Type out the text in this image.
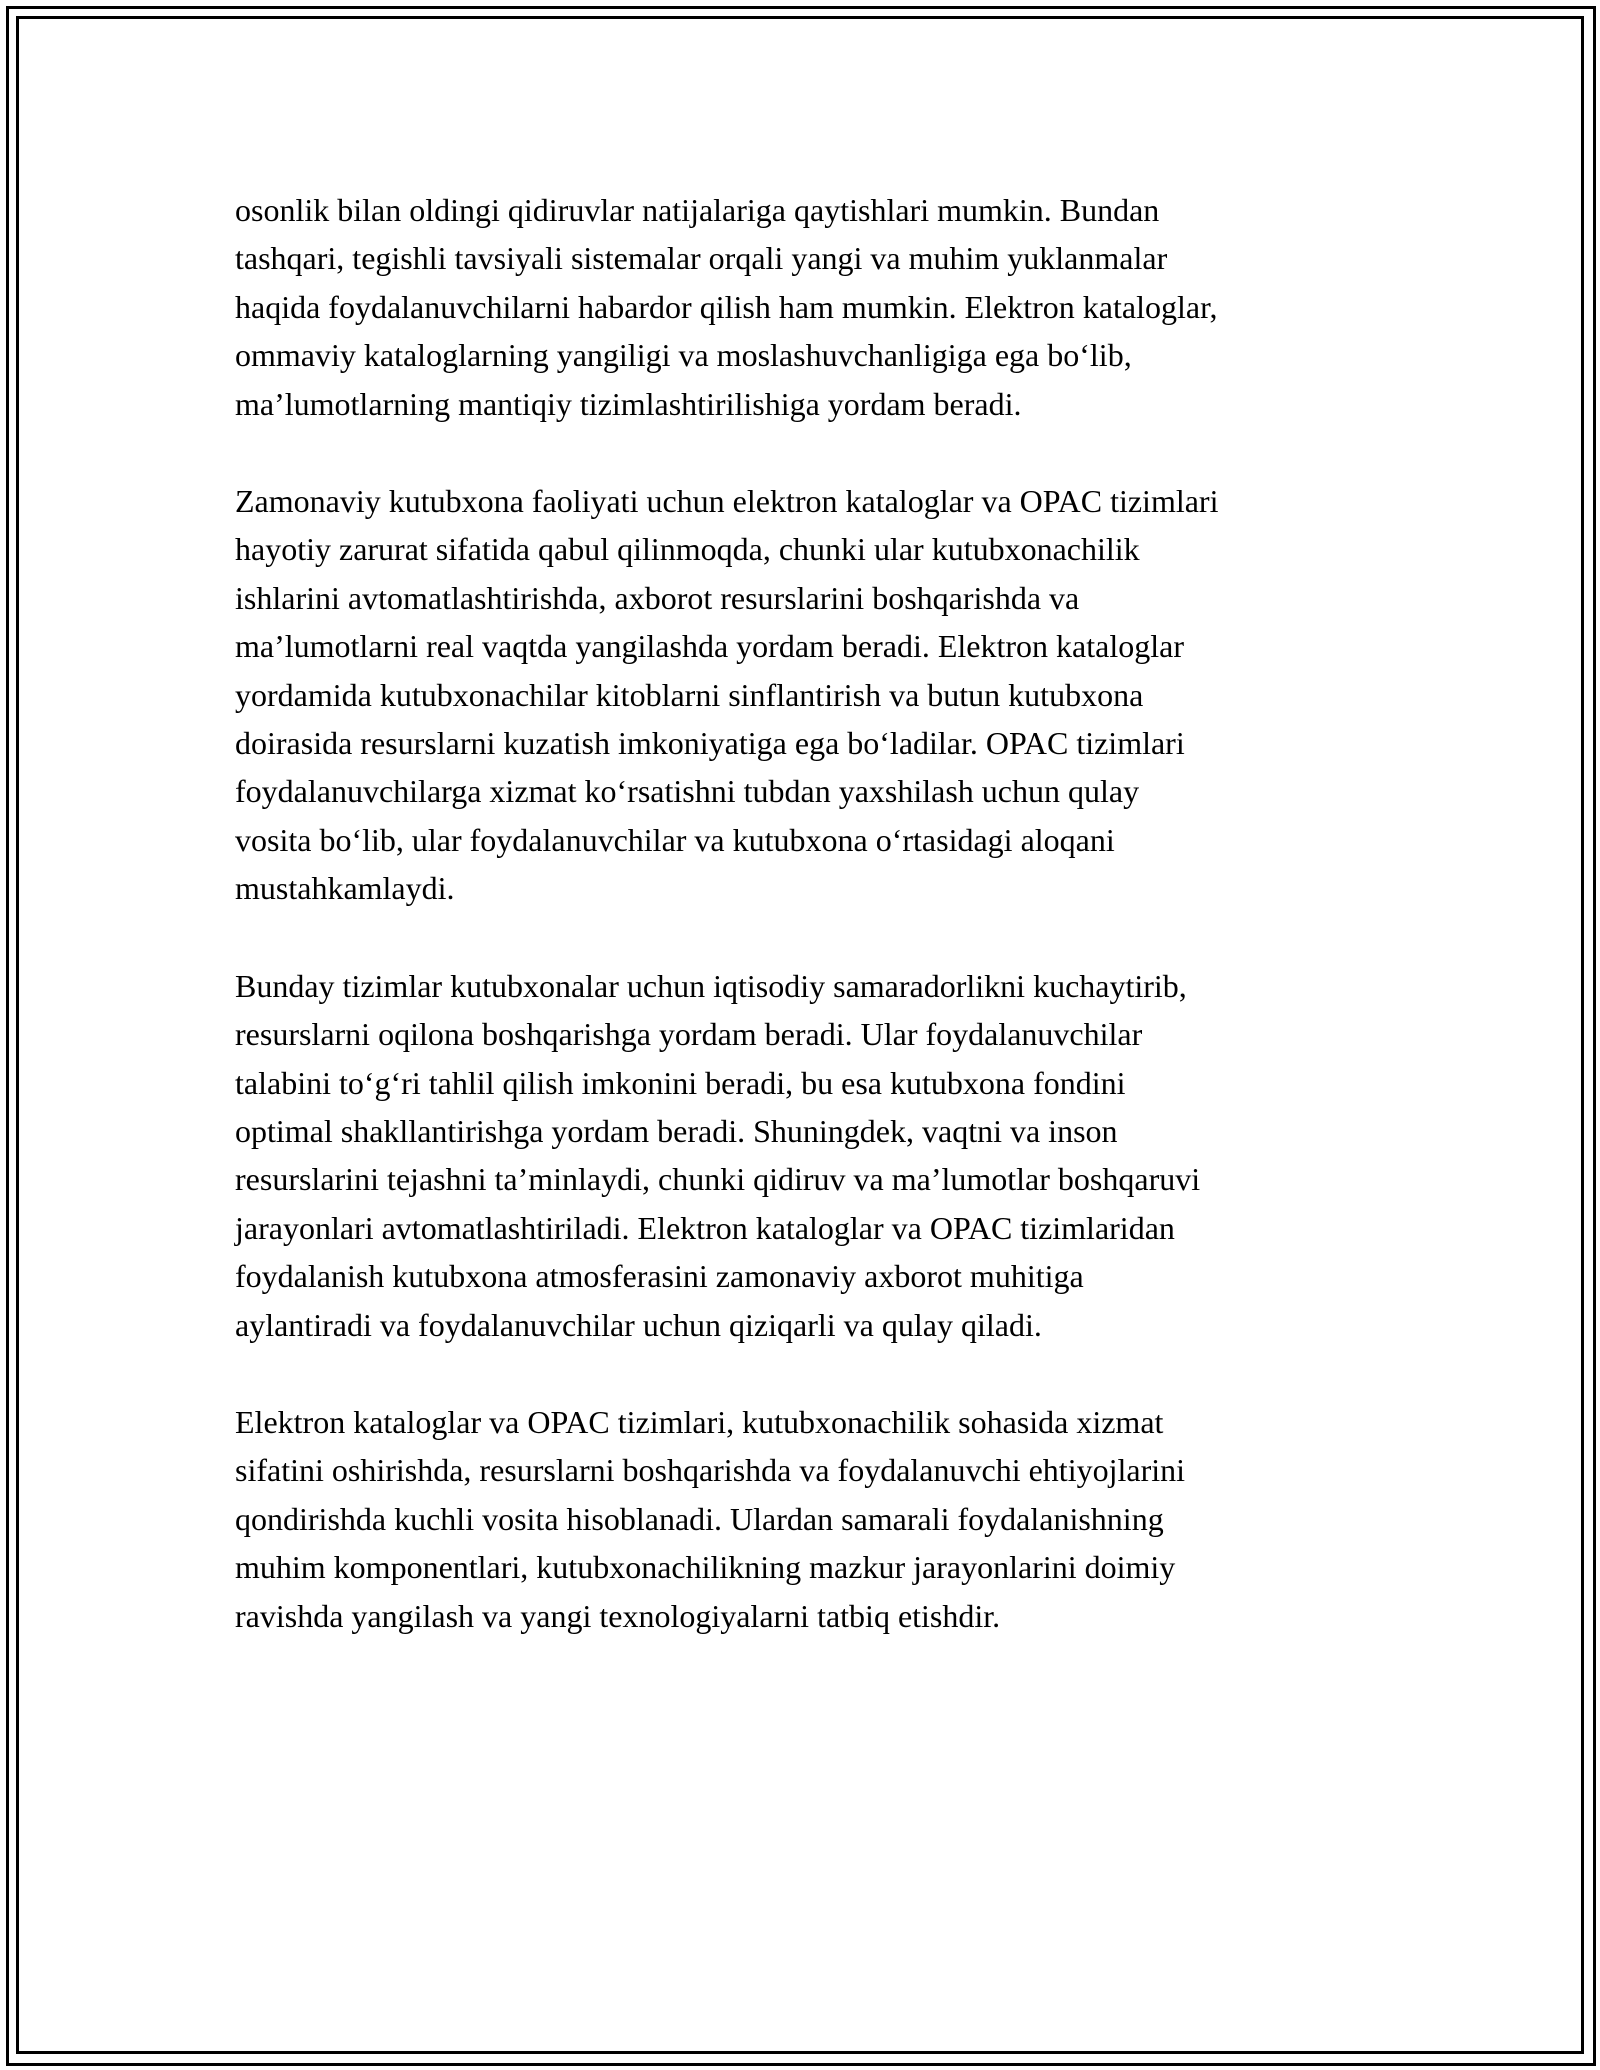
osonlik bilan oldingi qidiruvlar natijalariga qaytishlari mumkin. Bundan
tashqari, tegishli tavsiyali sistemalar orqali yangi va muhim yuklanmalar
haqida foydalanuvchilarni habardor qilish ham mumkin. Elektron kataloglar,
ommaviy kataloglarning yangiligi va moslashuvchanligiga ega bo‘lib,
ma’lumotlarning mantiqiy tizimlashtirilishiga yordam beradi.

Zamonaviy kutubxona faoliyati uchun elektron kataloglar va OPAC tizimlari
hayotiy zarurat sifatida qabul qilinmoqda, chunki ular kutubxonachilik
ishlarini avtomatlashtirishda, axborot resurslarini boshqarishda va
ma’lumotlarni real vaqtda yangilashda yordam beradi. Elektron kataloglar
yordamida kutubxonachilar kitoblarni sinflantirish va butun kutubxona
doirasida resurslarni kuzatish imkoniyatiga ega bo‘ladilar. OPAC tizimlari
foydalanuvchilarga xizmat ko‘rsatishni tubdan yaxshilash uchun qulay
vosita bo‘lib, ular foydalanuvchilar va kutubxona o‘rtasidagi aloqani
mustahkamlaydi.

Bunday tizimlar kutubxonalar uchun iqtisodiy samaradorlikni kuchaytirib,
resurslarni oqilona boshqarishga yordam beradi. Ular foydalanuvchilar
talabini to‘g‘ri tahlil qilish imkonini beradi, bu esa kutubxona fondini
optimal shakllantirishga yordam beradi. Shuningdek, vaqtni va inson
resurslarini tejashni ta’minlaydi, chunki qidiruv va ma’lumotlar boshqaruvi
jarayonlari avtomatlashtiriladi. Elektron kataloglar va OPAC tizimlaridan
foydalanish kutubxona atmosferasini zamonaviy axborot muhitiga
aylantiradi va foydalanuvchilar uchun qiziqarli va qulay qiladi.

Elektron kataloglar va OPAC tizimlari, kutubxonachilik sohasida xizmat
sifatini oshirishda, resurslarni boshqarishda va foydalanuvchi ehtiyojlarini
qondirishda kuchli vosita hisoblanadi. Ulardan samarali foydalanishning
muhim komponentlari, kutubxonachilikning mazkur jarayonlarini doimiy
ravishda yangilash va yangi texnologiyalarni tatbiq etishdir.
